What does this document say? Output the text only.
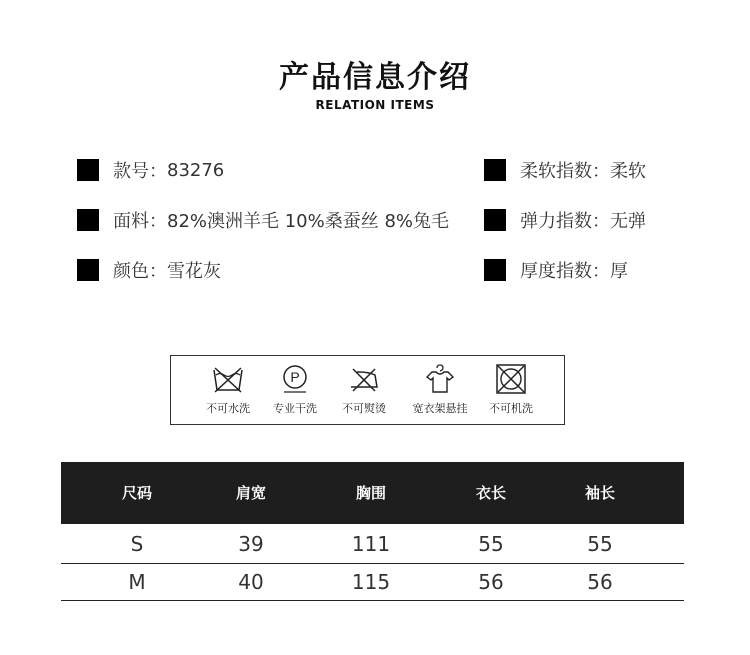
产品信息介绍
RELATION ITEMS
款号： 83276
面料： 82%澳洲羊毛 10%桑蚕丝 8%兔毛
颜色： 雪花灰
柔软指数： 柔软
弹力指数： 无弹
厚度指数： 厚
不可水洗
P
专业干洗	不可熨烫	宽衣架悬挂	不可机洗
尺码	肩宽	胸围	衣长	袖长
S	39	111	55	55
M	40	115	56	56
